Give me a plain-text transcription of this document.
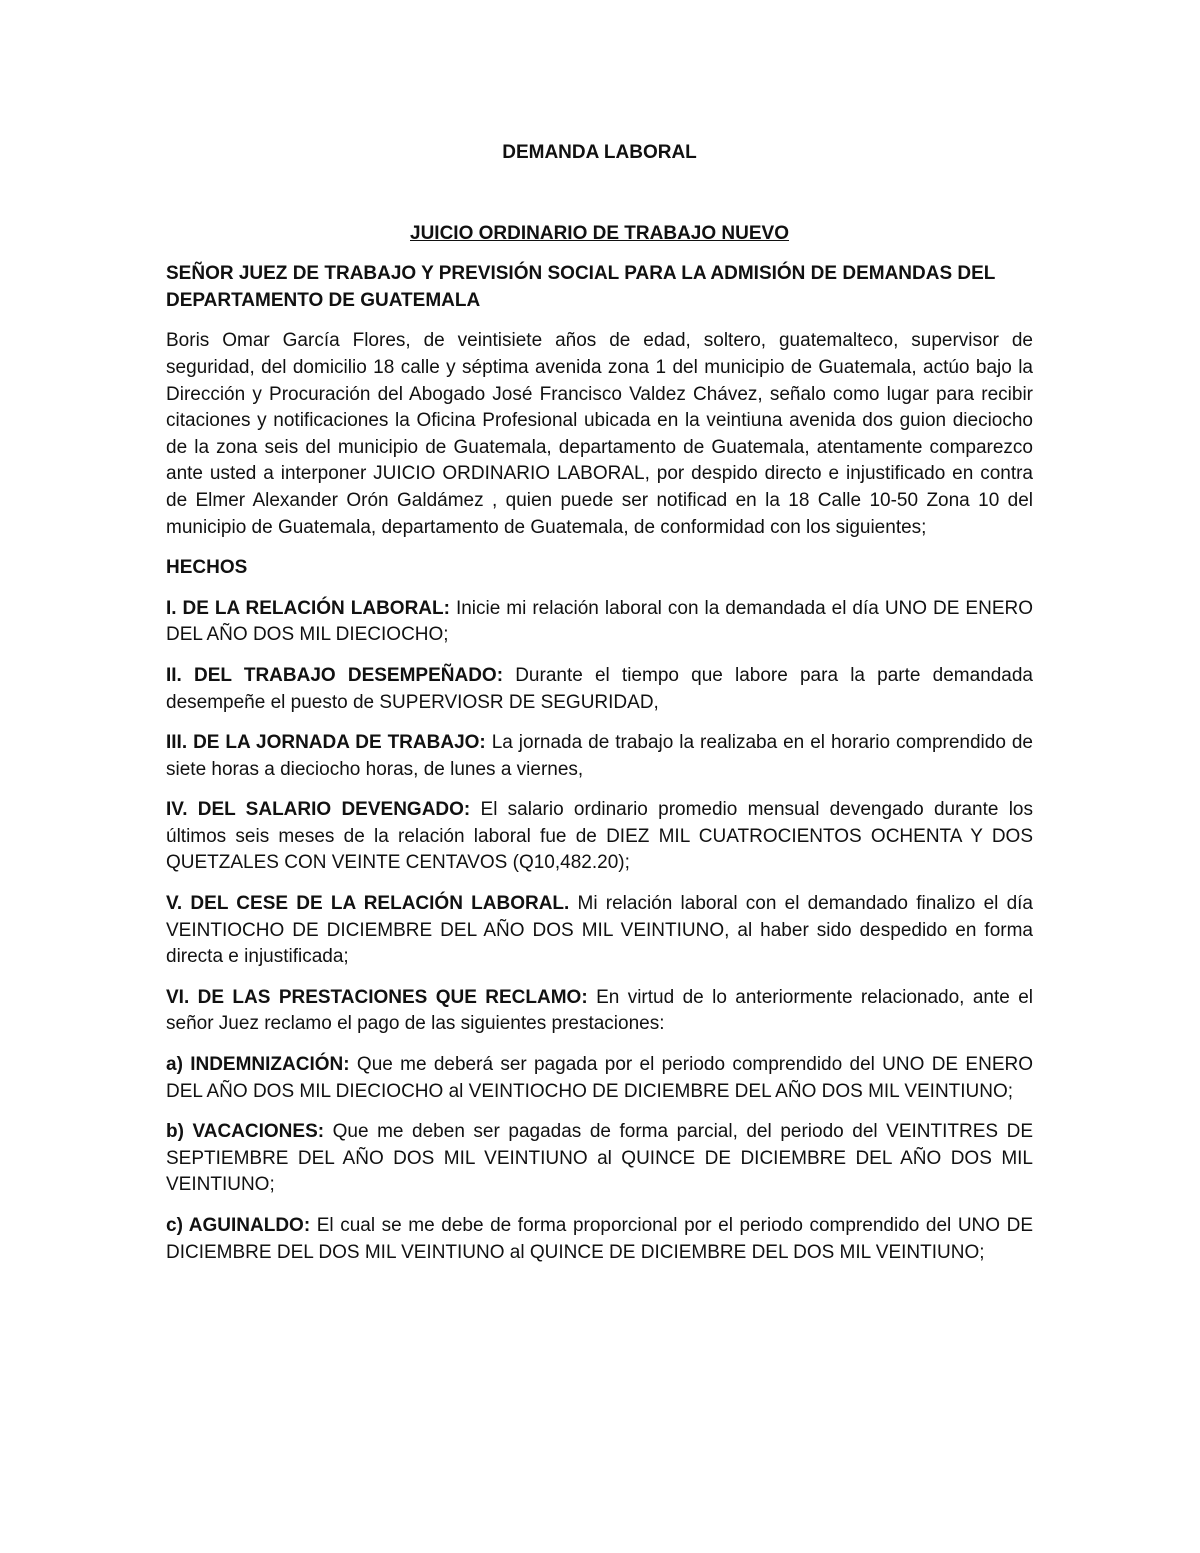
DEMANDA LABORAL

JUICIO ORDINARIO DE TRABAJO NUEVO

SEÑOR JUEZ DE TRABAJO Y PREVISIÓN SOCIAL PARA LA ADMISIÓN DE DEMANDAS DEL DEPARTAMENTO DE GUATEMALA

Boris Omar García Flores, de veintisiete años de edad, soltero, guatemalteco, supervisor de seguridad, del domicilio 18 calle y séptima avenida zona 1 del municipio de Guatemala, actúo bajo la Dirección y Procuración del Abogado José Francisco Valdez Chávez, señalo como lugar para recibir citaciones y notificaciones la Oficina Profesional ubicada en la veintiuna avenida dos guion dieciocho de la zona seis del municipio de Guatemala, departamento de Guatemala, atentamente comparezco ante usted a interponer JUICIO ORDINARIO LABORAL, por despido directo e injustificado en contra de Elmer Alexander Orón Galdámez , quien puede ser notificad en la 18 Calle 10-50 Zona 10 del municipio de Guatemala, departamento de Guatemala, de conformidad con los siguientes;

HECHOS

I. DE LA RELACIÓN LABORAL: Inicie mi relación laboral con la demandada el día UNO DE ENERO DEL AÑO DOS MIL DIECIOCHO;

II. DEL TRABAJO DESEMPEÑADO: Durante el tiempo que labore para la parte demandada desempeñe el puesto de SUPERVIOSR DE SEGURIDAD,

III. DE LA JORNADA DE TRABAJO: La jornada de trabajo la realizaba en el horario comprendido de siete horas a dieciocho horas, de lunes a viernes,

IV. DEL SALARIO DEVENGADO: El salario ordinario promedio mensual devengado durante los últimos seis meses de la relación laboral fue de DIEZ MIL CUATROCIENTOS OCHENTA Y DOS QUETZALES CON VEINTE CENTAVOS (Q10,482.20);

V. DEL CESE DE LA RELACIÓN LABORAL. Mi relación laboral con el demandado finalizo el día VEINTIOCHO DE DICIEMBRE DEL AÑO DOS MIL VEINTIUNO, al haber sido despedido en forma directa e injustificada;

VI. DE LAS PRESTACIONES QUE RECLAMO: En virtud de lo anteriormente relacionado, ante el señor Juez reclamo el pago de las siguientes prestaciones:

a) INDEMNIZACIÓN: Que me deberá ser pagada por el periodo comprendido del UNO DE ENERO DEL AÑO DOS MIL DIECIOCHO al VEINTIOCHO DE DICIEMBRE DEL AÑO DOS MIL VEINTIUNO;

b) VACACIONES: Que me deben ser pagadas de forma parcial, del periodo del VEINTITRES DE SEPTIEMBRE DEL AÑO DOS MIL VEINTIUNO al QUINCE DE DICIEMBRE DEL AÑO DOS MIL VEINTIUNO;

c) AGUINALDO: El cual se me debe de forma proporcional por el periodo comprendido del UNO DE DICIEMBRE DEL DOS MIL VEINTIUNO al QUINCE DE DICIEMBRE DEL DOS MIL VEINTIUNO;
